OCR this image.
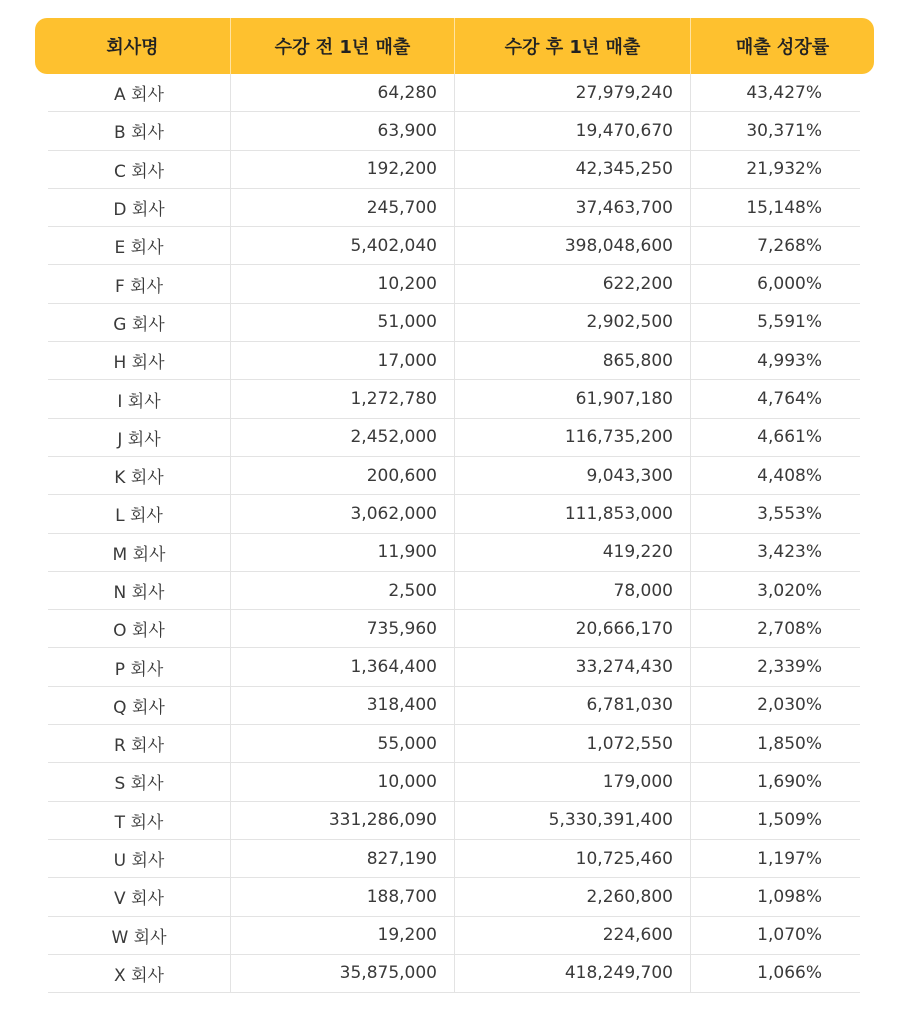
회사명	수강 전 1년 매출	수강 후 1년 매출	매출 성장률
A 회사	64,280	27,979,240	43,427%
B 회사	63,900	19,470,670	30,371%
C 회사	192,200	42,345,250	21,932%
D 회사	245,700	37,463,700	15,148%
E 회사	5,402,040	398,048,600	7,268%
F 회사	10,200	622,200	6,000%
G 회사	51,000	2,902,500	5,591%
H 회사	17,000	865,800	4,993%
I 회사	1,272,780	61,907,180	4,764%
J 회사	2,452,000	116,735,200	4,661%
K 회사	200,600	9,043,300	4,408%
L 회사	3,062,000	111,853,000	3,553%
M 회사	11,900	419,220	3,423%
N 회사	2,500	78,000	3,020%
O 회사	735,960	20,666,170	2,708%
P 회사	1,364,400	33,274,430	2,339%
Q 회사	318,400	6,781,030	2,030%
R 회사	55,000	1,072,550	1,850%
S 회사	10,000	179,000	1,690%
T 회사	331,286,090	5,330,391,400	1,509%
U 회사	827,190	10,725,460	1,197%
V 회사	188,700	2,260,800	1,098%
W 회사	19,200	224,600	1,070%
X 회사	35,875,000	418,249,700	1,066%
